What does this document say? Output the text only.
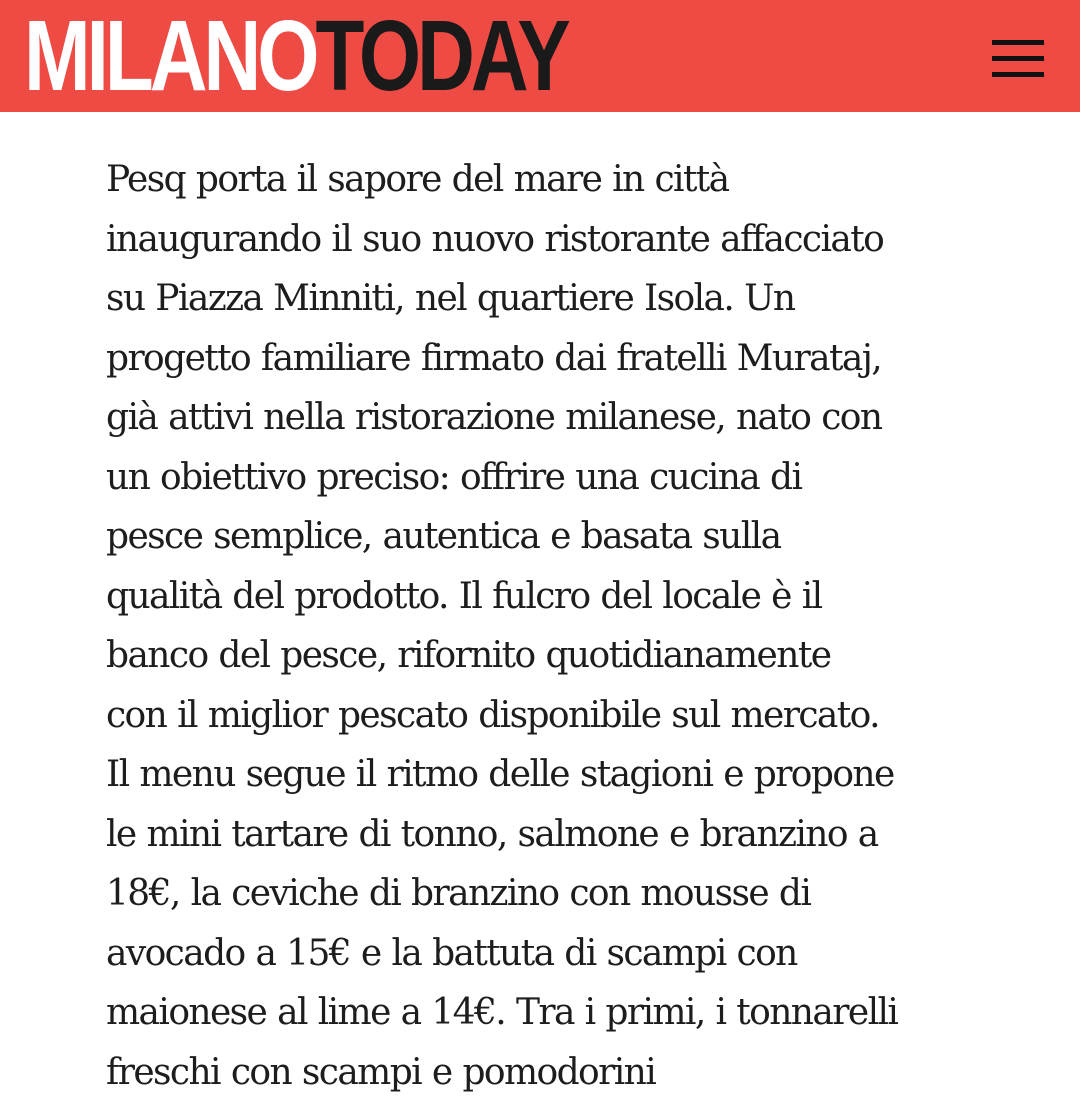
MILANOTODAY

Pesq porta il sapore del mare in città
inaugurando il suo nuovo ristorante affacciato
su Piazza Minniti, nel quartiere Isola. Un
progetto familiare firmato dai fratelli Murataj,
già attivi nella ristorazione milanese, nato con
un obiettivo preciso: offrire una cucina di
pesce semplice, autentica e basata sulla
qualità del prodotto. Il fulcro del locale è il
banco del pesce, rifornito quotidianamente
con il miglior pescato disponibile sul mercato.
Il menu segue il ritmo delle stagioni e propone
le mini tartare di tonno, salmone e branzino a
18€, la ceviche di branzino con mousse di
avocado a 15€ e la battuta di scampi con
maionese al lime a 14€. Tra i primi, i tonnarelli
freschi con scampi e pomodorini
